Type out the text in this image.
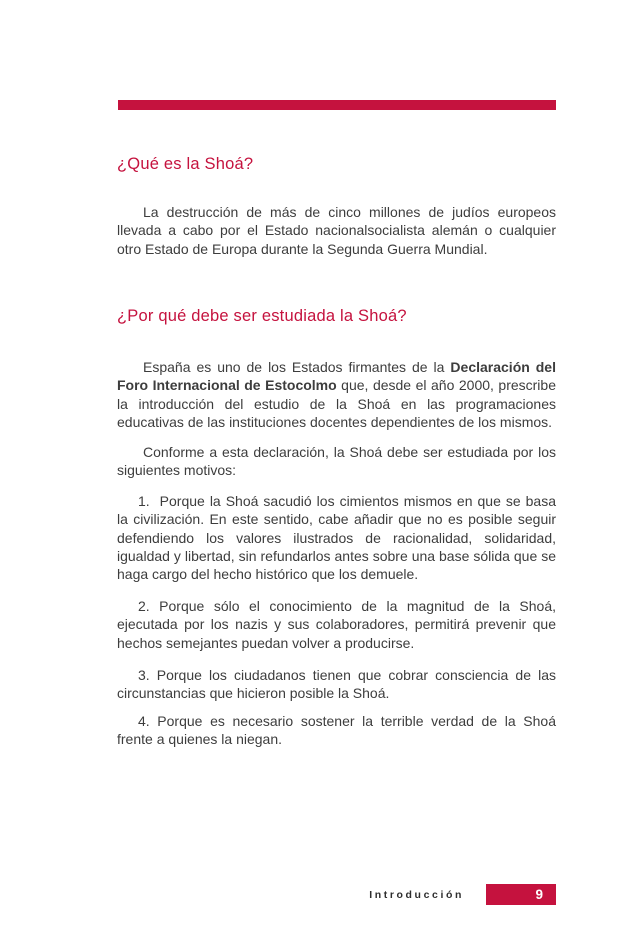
¿Qué es la Shoá?

La destrucción de más de cinco millones de judíos europeos llevada a cabo por el Estado nacionalsocialista alemán o cualquier otro Estado de Europa durante la Segunda Guerra Mundial.

¿Por qué debe ser estudiada la Shoá?

España es uno de los Estados firmantes de la Declaración del Foro Internacional de Estocolmo que, desde el año 2000, prescribe la introducción del estudio de la Shoá en las programaciones educativas de las instituciones docentes dependientes de los mismos.

Conforme a esta declaración, la Shoá debe ser estudiada por los siguientes motivos:

1.  Porque la Shoá sacudió los cimientos mismos en que se basa la civilización. En este sentido, cabe añadir que no es posible seguir defendiendo los valores ilustrados de racionalidad, solidaridad, igualdad y libertad, sin refundarlos antes sobre una base sólida que se haga cargo del hecho histórico que los demuele.

2. Porque sólo el conocimiento de la magnitud de la Shoá, ejecutada por los nazis y sus colaboradores, permitirá prevenir que hechos semejantes puedan volver a producirse.

3. Porque los ciudadanos tienen que cobrar consciencia de las circunstancias que hicieron posible la Shoá.

4. Porque es necesario sostener la terrible verdad de la Shoá frente a quienes la niegan.

Introducción	9
